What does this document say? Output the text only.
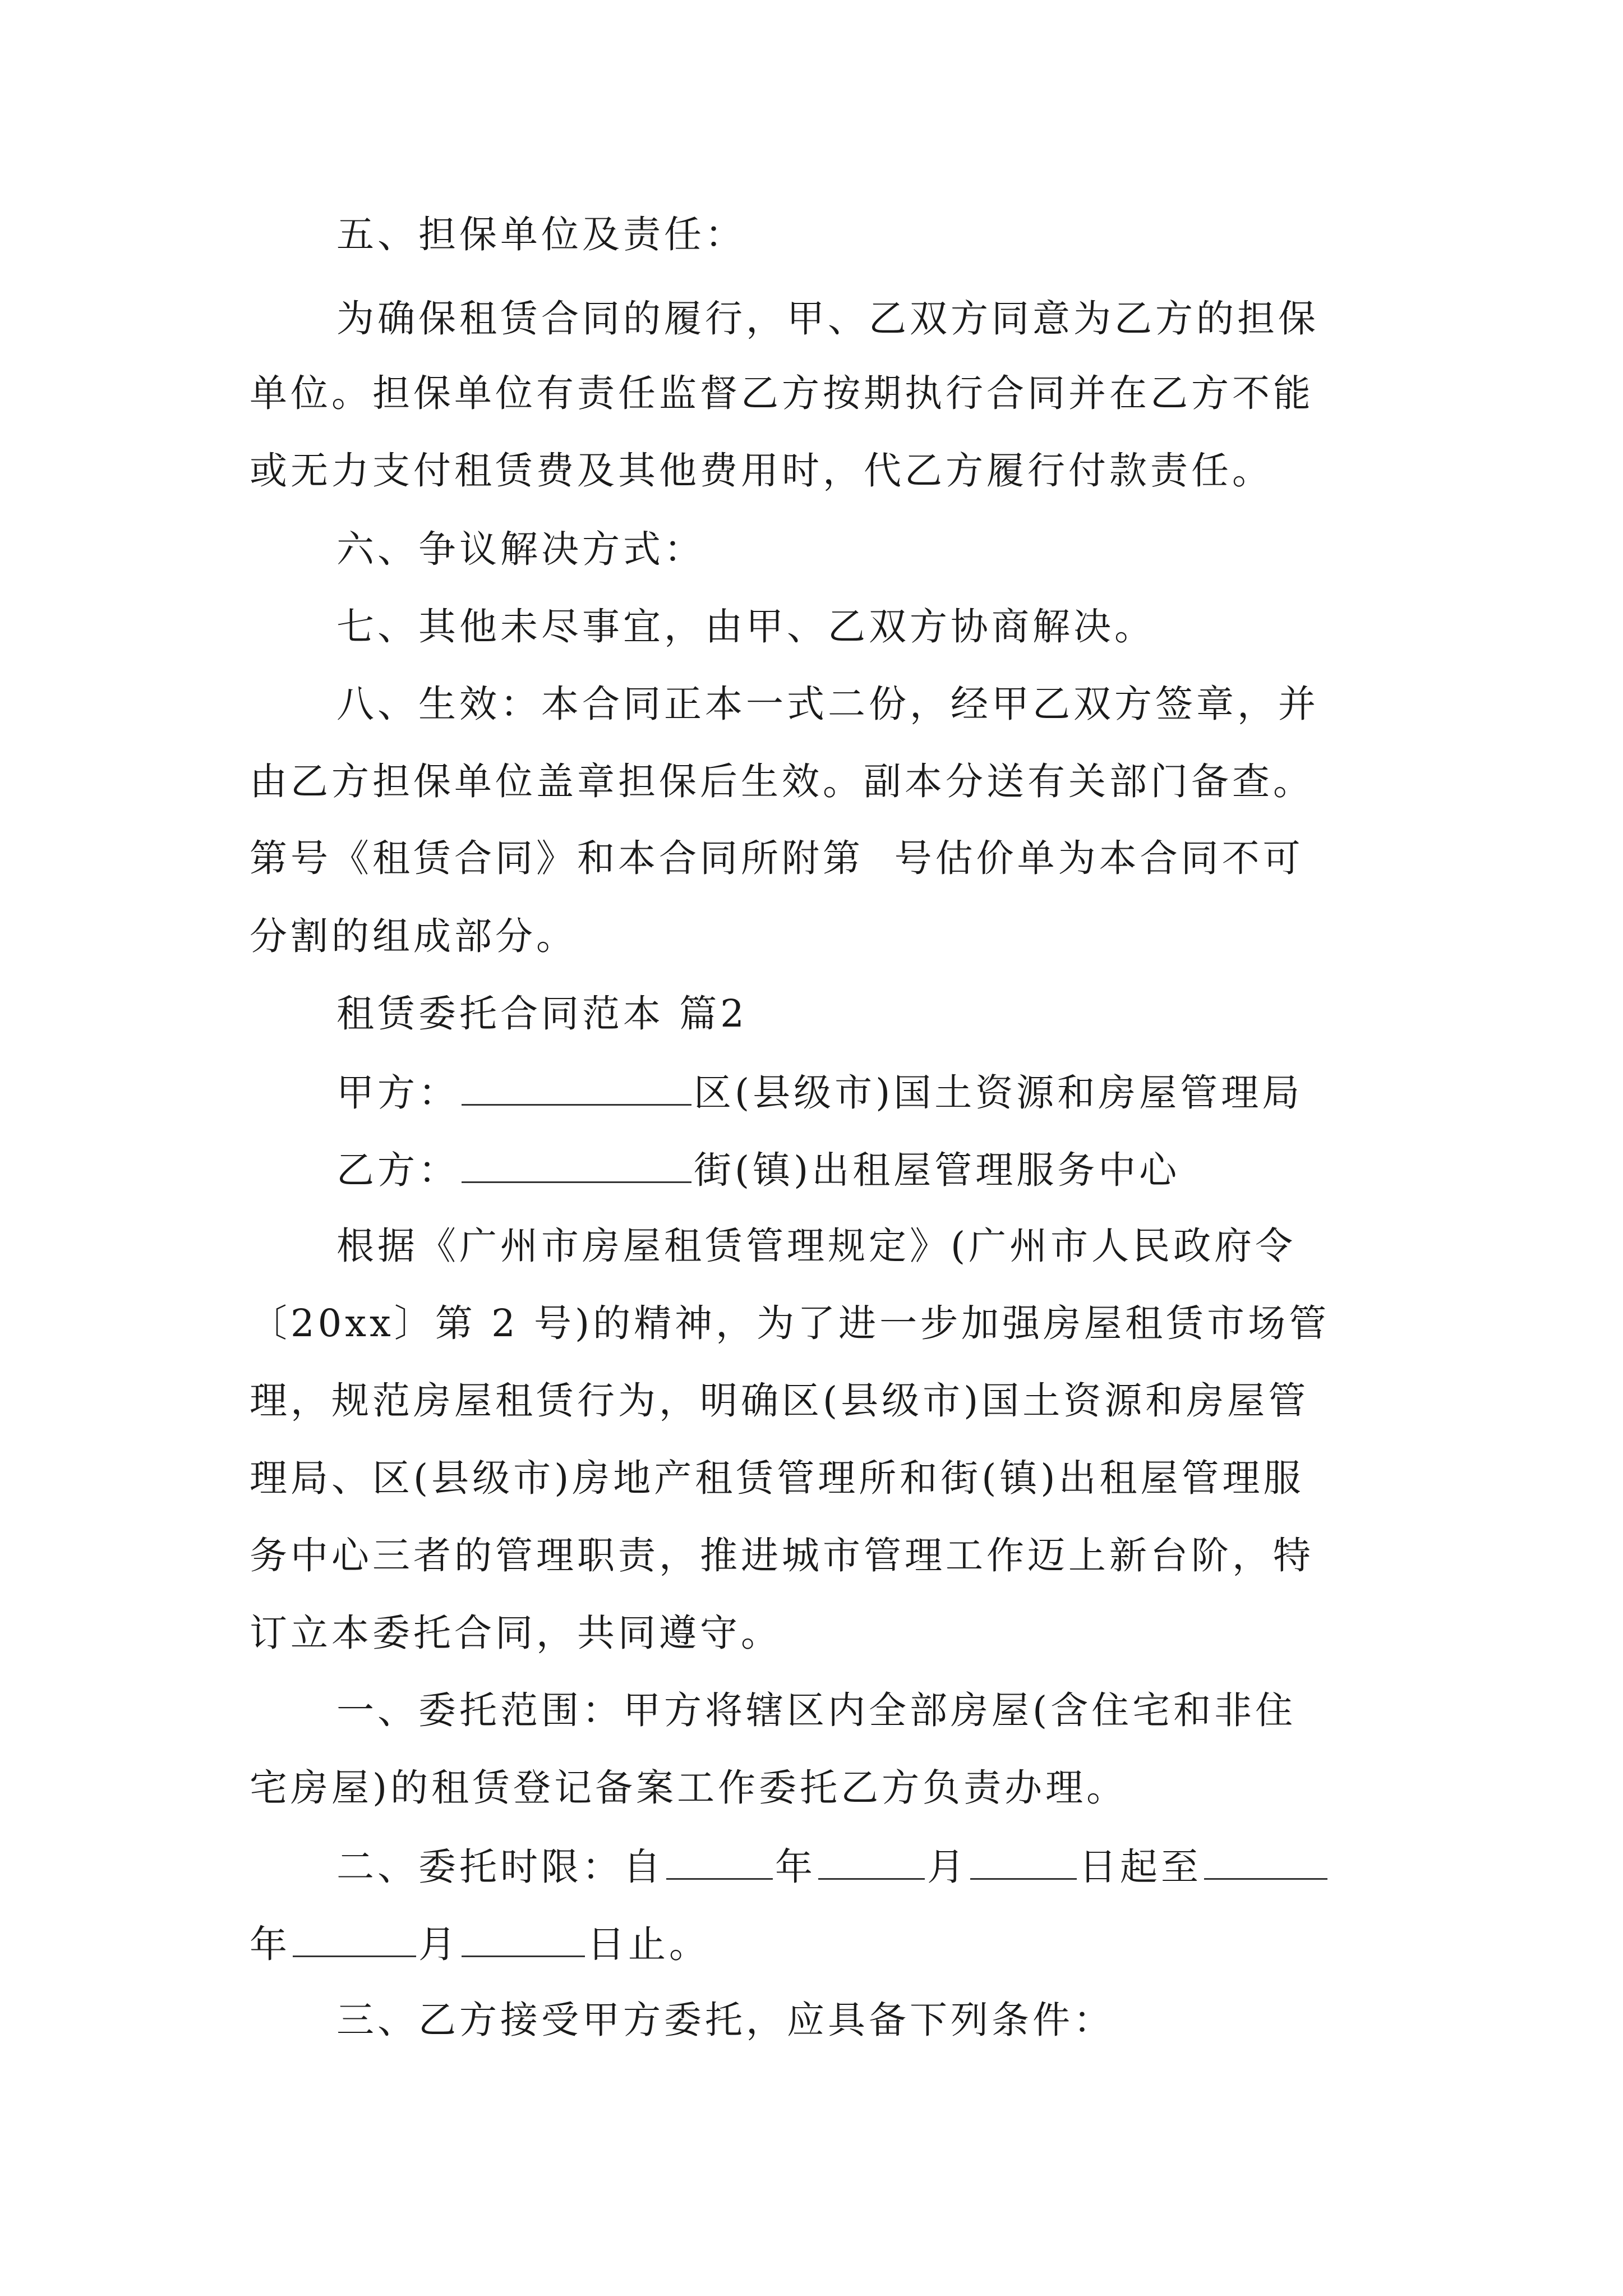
五、担保单位及责任：
为确保租赁合同的履行，甲、乙双方同意为乙方的担保
单位。担保单位有责任监督乙方按期执行合同并在乙方不能
或无力支付租赁费及其他费用时，代乙方履行付款责任。
六、争议解决方式：
七、其他未尽事宜，由甲、乙双方协商解决。
八、生效：本合同正本一式二份，经甲乙双方签章，并
由乙方担保单位盖章担保后生效。副本分送有关部门备查。
第号《租赁合同》和本合同所附第  号估价单为本合同不可
分割的组成部分。
租赁委托合同范本 篇2
甲方：	区(县级市)国土资源和房屋管理局
乙方：	街(镇)出租屋管理服务中心
根据《广州市房屋租赁管理规定》(广州市人民政府令
〔20xx〕第 2 号)的精神，为了进一步加强房屋租赁市场管
理，规范房屋租赁行为，明确区(县级市)国土资源和房屋管
理局、区(县级市)房地产租赁管理所和街(镇)出租屋管理服
务中心三者的管理职责，推进城市管理工作迈上新台阶，特
订立本委托合同，共同遵守。
一、委托范围：甲方将辖区内全部房屋(含住宅和非住
宅房屋)的租赁登记备案工作委托乙方负责办理。
二、委托时限：自	年	月	日起至
年	月	日止。
三、乙方接受甲方委托，应具备下列条件：
